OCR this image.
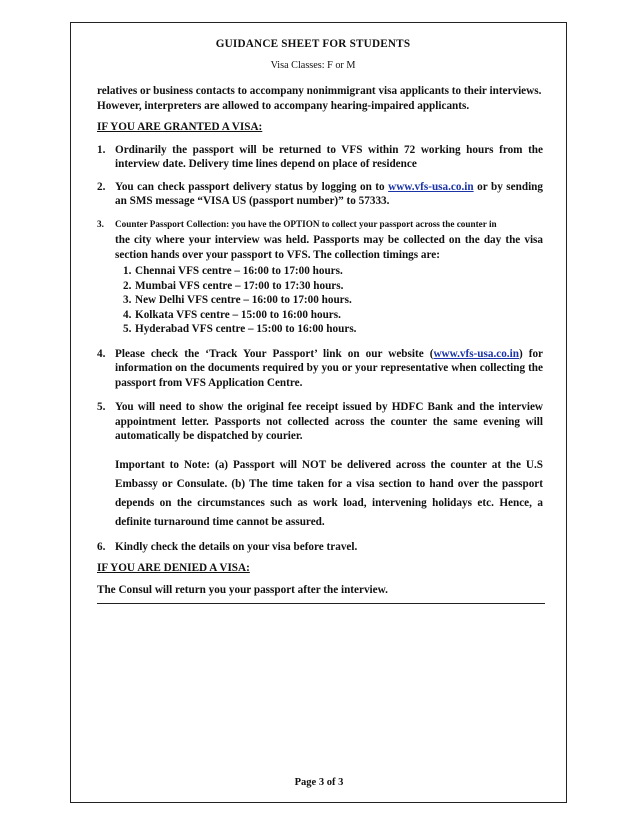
GUIDANCE SHEET FOR STUDENTS
Visa Classes: F or M
relatives or business contacts to accompany nonimmigrant visa applicants to their interviews. However, interpreters are allowed to accompany hearing-impaired applicants.
IF YOU ARE GRANTED A VISA:
1. Ordinarily the passport will be returned to VFS within 72 working hours from the interview date. Delivery time lines depend on place of residence
2. You can check passport delivery status by logging on to www.vfs-usa.co.in or by sending an SMS message “VISA US (passport number)” to 57333.
3.	Counter Passport Collection: you have the OPTION to collect your passport across the counter in
the city where your interview was held. Passports may be collected on the day the visa section hands over your passport to VFS. The collection timings are:
1. Chennai VFS centre – 16:00 to 17:00 hours.
2. Mumbai VFS centre – 17:00 to 17:30 hours.
3. New Delhi VFS centre – 16:00 to 17:00 hours.
4. Kolkata VFS centre – 15:00 to 16:00 hours.
5. Hyderabad VFS centre – 15:00 to 16:00 hours.
4. Please check the ‘Track Your Passport’ link on our website (www.vfs-usa.co.in) for information on the documents required by you or your representative when collecting the passport from VFS Application Centre.
5. You will need to show the original fee receipt issued by HDFC Bank and the interview appointment letter. Passports not collected across the counter the same evening will automatically be dispatched by courier.
Important to Note: (a) Passport will NOT be delivered across the counter at the U.S Embassy or Consulate. (b) The time taken for a visa section to hand over the passport depends on the circumstances such as work load, intervening holidays etc. Hence, a definite turnaround time cannot be assured.
6. Kindly check the details on your visa before travel.
IF YOU ARE DENIED A VISA:
The Consul will return you your passport after the interview.
Page 3 of 3
